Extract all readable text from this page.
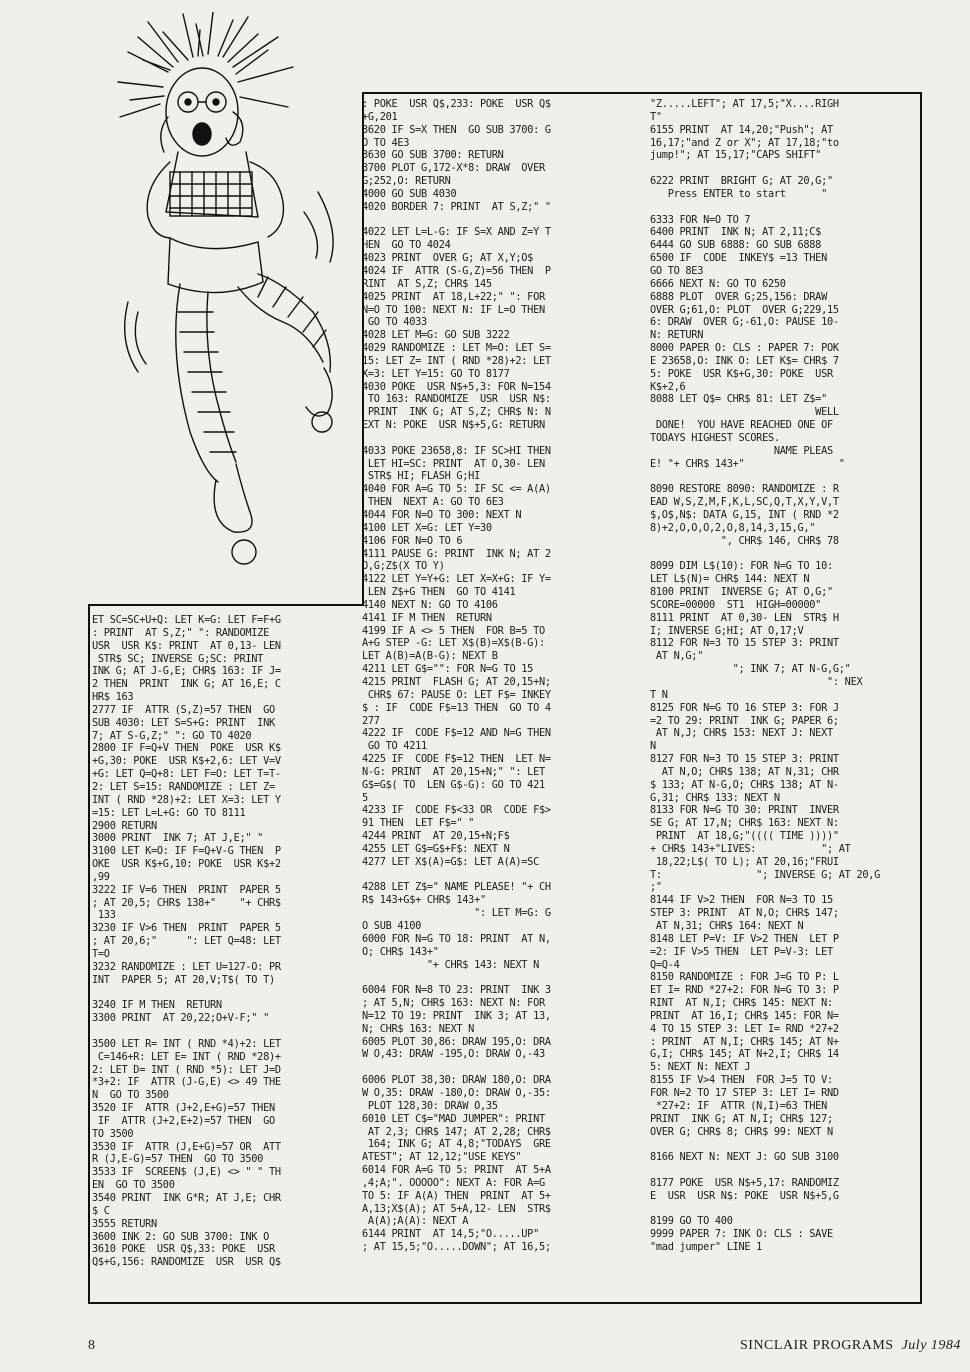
ET SC=SC+U+Q: LET K=G: LET F=F+G
: PRINT  AT S,Z;" ": RANDOMIZE
USR  USR K$: PRINT  AT 0,13- LEN
STR$ SC; INVERSE G;SC: PRINT
INK G; AT J-G,E; CHR$ 163: IF J=
2 THEN  PRINT  INK G; AT 16,E; C
HR$ 163
2777 IF  ATTR (S,Z)=57 THEN  GO
SUB 4030: LET S=S+G: PRINT  INK
7; AT S-G,Z;" ": GO TO 4020
2800 IF F=Q+V THEN  POKE  USR K$
+G,30: POKE  USR K$+2,6: LET V=V
+G: LET Q=Q+8: LET F=O: LET T=T-
2: LET S=15: RANDOMIZE : LET Z=
INT ( RND *28)+2: LET X=3: LET Y
=15: LET L=L+G: GO TO 8111
2900 RETURN
3000 PRINT  INK 7; AT J,E;" "
3100 LET K=O: IF F=Q+V-G THEN  P
OKE  USR K$+G,10: POKE  USR K$+2
,99
3222 IF V=6 THEN  PRINT  PAPER 5
; AT 20,5; CHR$ 138+"    "+ CHR$
133
3230 IF V>6 THEN  PRINT  PAPER 5
; AT 20,6;"     ": LET Q=48: LET
T=O
3232 RANDOMIZE : LET U=127-O: PR
INT  PAPER 5; AT 20,V;T$( TO T)

3240 IF M THEN  RETURN
3300 PRINT  AT 20,22;O+V-F;" "

3500 LET R= INT ( RND *4)+2: LET
C=146+R: LET E= INT ( RND *28)+
2: LET D= INT ( RND *5): LET J=D
*3+2: IF  ATTR (J-G,E) <> 49 THE
N  GO TO 3500
3520 IF  ATTR (J+2,E+G)=57 THEN
IF  ATTR (J+2,E+2)=57 THEN  GO
TO 3500
3530 IF  ATTR (J,E+G)=57 OR  ATT
R (J,E-G)=57 THEN  GO TO 3500
3533 IF  SCREEN$ (J,E) <> " " TH
EN  GO TO 3500
3540 PRINT  INK G*R; AT J,E; CHR
$ C
3555 RETURN
3600 INK 2: GO SUB 3700: INK O
3610 POKE  USR Q$,33: POKE  USR
Q$+G,156: RANDOMIZE  USR  USR Q$
: POKE  USR Q$,233: POKE  USR Q$
+G,201
3620 IF S=X THEN  GO SUB 3700: G
O TO 4E3
3630 GO SUB 3700: RETURN
3700 PLOT G,172-X*8: DRAW  OVER
G;252,O: RETURN
4000 GO SUB 4030
4020 BORDER 7: PRINT  AT S,Z;" "

4022 LET L=L-G: IF S=X AND Z=Y T
HEN  GO TO 4024
4023 PRINT  OVER G; AT X,Y;O$
4024 IF  ATTR (S-G,Z)=56 THEN  P
RINT  AT S,Z; CHR$ 145
4025 PRINT  AT 18,L+22;" ": FOR
N=O TO 100: NEXT N: IF L=O THEN
GO TO 4033
4028 LET M=G: GO SUB 3222
4029 RANDOMIZE : LET M=O: LET S=
15: LET Z= INT ( RND *28)+2: LET
X=3: LET Y=15: GO TO 8177
4030 POKE  USR N$+5,3: FOR N=154
TO 163: RANDOMIZE  USR  USR N$:
PRINT  INK G; AT S,Z; CHR$ N: N
EXT N: POKE  USR N$+5,G: RETURN

4033 POKE 23658,8: IF SC>HI THEN
LET HI=SC: PRINT  AT O,30- LEN
STR$ HI; FLASH G;HI
4040 FOR A=G TO 5: IF SC <= A(A)
THEN  NEXT A: GO TO 6E3
4044 FOR N=O TO 300: NEXT N
4100 LET X=G: LET Y=30
4106 FOR N=O TO 6
4111 PAUSE G: PRINT  INK N; AT 2
O,G;Z$(X TO Y)
4122 LET Y=Y+G: LET X=X+G: IF Y=
LEN Z$+G THEN  GO TO 4141
4140 NEXT N: GO TO 4106
4141 IF M THEN  RETURN
4199 IF A <> 5 THEN  FOR B=5 TO
A+G STEP -G: LET X$(B)=X$(B-G):
LET A(B)=A(B-G): NEXT B
4211 LET G$="": FOR N=G TO 15
4215 PRINT  FLASH G; AT 20,15+N;
CHR$ 67: PAUSE O: LET F$= INKEY
$ : IF  CODE F$=13 THEN  GO TO 4
277
4222 IF  CODE F$=12 AND N=G THEN
GO TO 4211
4225 IF  CODE F$=12 THEN  LET N=
N-G: PRINT  AT 20,15+N;" ": LET
G$=G$( TO  LEN G$-G): GO TO 421
5
4233 IF  CODE F$<33 OR  CODE F$>
91 THEN  LET F$=" "
4244 PRINT  AT 20,15+N;F$
4255 LET G$=G$+F$: NEXT N
4277 LET X$(A)=G$: LET A(A)=SC

4288 LET Z$=" NAME PLEASE! "+ CH
R$ 143+G$+ CHR$ 143+"
": LET M=G: G
O SUB 4100
6000 FOR N=G TO 18: PRINT  AT N,
O; CHR$ 143+"
"+ CHR$ 143: NEXT N

6004 FOR N=8 TO 23: PRINT  INK 3
; AT 5,N; CHR$ 163: NEXT N: FOR
N=12 TO 19: PRINT  INK 3; AT 13,
N; CHR$ 163: NEXT N
6005 PLOT 30,86: DRAW 195,O: DRA
W O,43: DRAW -195,O: DRAW O,-43

6006 PLOT 38,30: DRAW 180,O: DRA
W O,35: DRAW -180,O: DRAW O,-35:
PLOT 128,30: DRAW O,35
6010 LET C$="MAD JUMPER": PRINT
AT 2,3; CHR$ 147; AT 2,28; CHR$
164; INK G; AT 4,8;"TODAYS  GRE
ATEST"; AT 12,12;"USE KEYS"
6014 FOR A=G TO 5: PRINT  AT 5+A
,4;A;". OOOOO": NEXT A: FOR A=G
TO 5: IF A(A) THEN  PRINT  AT 5+
A,13;X$(A); AT 5+A,12- LEN  STR$
A(A);A(A): NEXT A
6144 PRINT  AT 14,5;"O.....UP"
; AT 15,5;"O.....DOWN"; AT 16,5;
"Z.....LEFT"; AT 17,5;"X....RIGH
T"
6155 PRINT  AT 14,20;"Push"; AT
16,17;"and Z or X"; AT 17,18;"to
jump!"; AT 15,17;"CAPS SHIFT"

6222 PRINT  BRIGHT G; AT 20,G;"
Press ENTER to start      "

6333 FOR N=O TO 7
6400 PRINT  INK N; AT 2,11;C$
6444 GO SUB 6888: GO SUB 6888
6500 IF  CODE  INKEY$ =13 THEN
GO TO 8E3
6666 NEXT N: GO TO 6250
6888 PLOT  OVER G;25,156: DRAW
OVER G;61,O: PLOT  OVER G;229,15
6: DRAW  OVER G;-61,O: PAUSE 10-
N: RETURN
8000 PAPER O: CLS : PAPER 7: POK
E 23658,O: INK O: LET K$= CHR$ 7
5: POKE  USR K$+G,30: POKE  USR
K$+2,6
8088 LET Q$= CHR$ 81: LET Z$="
WELL
DONE!  YOU HAVE REACHED ONE OF
TODAYS HIGHEST SCORES.
NAME PLEAS
E! "+ CHR$ 143+"                "

8090 RESTORE 8090: RANDOMIZE : R
EAD W,S,Z,M,F,K,L,SC,Q,T,X,Y,V,T
$,O$,N$: DATA G,15, INT ( RND *2
8)+2,O,O,O,2,O,8,14,3,15,G,"
", CHR$ 146, CHR$ 78

8099 DIM L$(10): FOR N=G TO 10:
LET L$(N)= CHR$ 144: NEXT N
8100 PRINT  INVERSE G; AT O,G;"
SCORE=00000  ST1  HIGH=00000"
8111 PRINT  AT 0,30- LEN  STR$ H
I; INVERSE G;HI; AT O,17;V
8112 FOR N=3 TO 15 STEP 3: PRINT
AT N,G;"
"; INK 7; AT N-G,G;"
": NEX
T N
8125 FOR N=G TO 16 STEP 3: FOR J
=2 TO 29: PRINT  INK G; PAPER 6;
AT N,J; CHR$ 153: NEXT J: NEXT
N
8127 FOR N=3 TO 15 STEP 3: PRINT
AT N,O; CHR$ 138; AT N,31; CHR
$ 133; AT N-G,O; CHR$ 138; AT N-
G,31; CHR$ 133: NEXT N
8133 FOR N=G TO 30: PRINT  INVER
SE G; AT 17,N; CHR$ 163: NEXT N:
PRINT  AT 18,G;"(((( TIME ))))"
+ CHR$ 143+"LIVES:           "; AT
18,22;L$( TO L); AT 20,16;"FRUI
T:                "; INVERSE G; AT 20,G
;"
8144 IF V>2 THEN  FOR N=3 TO 15
STEP 3: PRINT  AT N,O; CHR$ 147;
AT N,31; CHR$ 164: NEXT N
8148 LET P=V: IF V>2 THEN  LET P
=2: IF V>5 THEN  LET P=V-3: LET
Q=Q-4
8150 RANDOMIZE : FOR J=G TO P: L
ET I= RND *27+2: FOR N=G TO 3: P
RINT  AT N,I; CHR$ 145: NEXT N:
PRINT  AT 16,I; CHR$ 145: FOR N=
4 TO 15 STEP 3: LET I= RND *27+2
: PRINT  AT N,I; CHR$ 145; AT N+
G,I; CHR$ 145; AT N+2,I; CHR$ 14
5: NEXT N: NEXT J
8155 IF V>4 THEN  FOR J=5 TO V:
FOR N=2 TO 17 STEP 3: LET I= RND
*27+2: IF  ATTR (N,I)=63 THEN
PRINT  INK G; AT N,I; CHR$ 127;
OVER G; CHR$ 8; CHR$ 99: NEXT N

8166 NEXT N: NEXT J: GO SUB 3100

8177 POKE  USR N$+5,17: RANDOMIZ
E  USR  USR N$: POKE  USR N$+5,G

8199 GO TO 400
9999 PAPER 7: INK O: CLS : SAVE
"mad jumper" LINE 1
8	SINCLAIR PROGRAMS July 1984
